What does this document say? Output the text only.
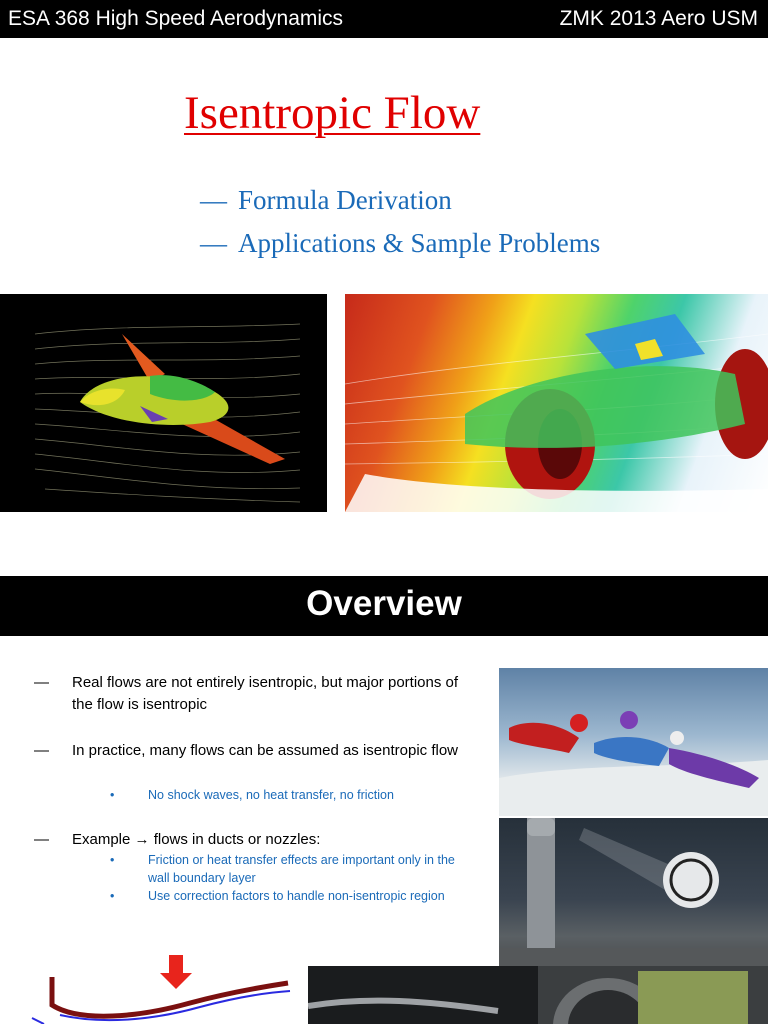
ESA 368 High Speed Aerodynamics	ZMK 2013 Aero USM
Isentropic Flow
— Formula Derivation
— Applications & Sample Problems
Overview
— Real flows are not entirely isentropic, but major portions of the flow is isentropic
— In practice, many flows can be assumed as isentropic flow
•	No shock waves, no heat transfer, no friction
— Example → flows in ducts or nozzles:
•	Friction or heat transfer effects are important only in the wall boundary layer
•	Use correction factors to handle non-isentropic region
